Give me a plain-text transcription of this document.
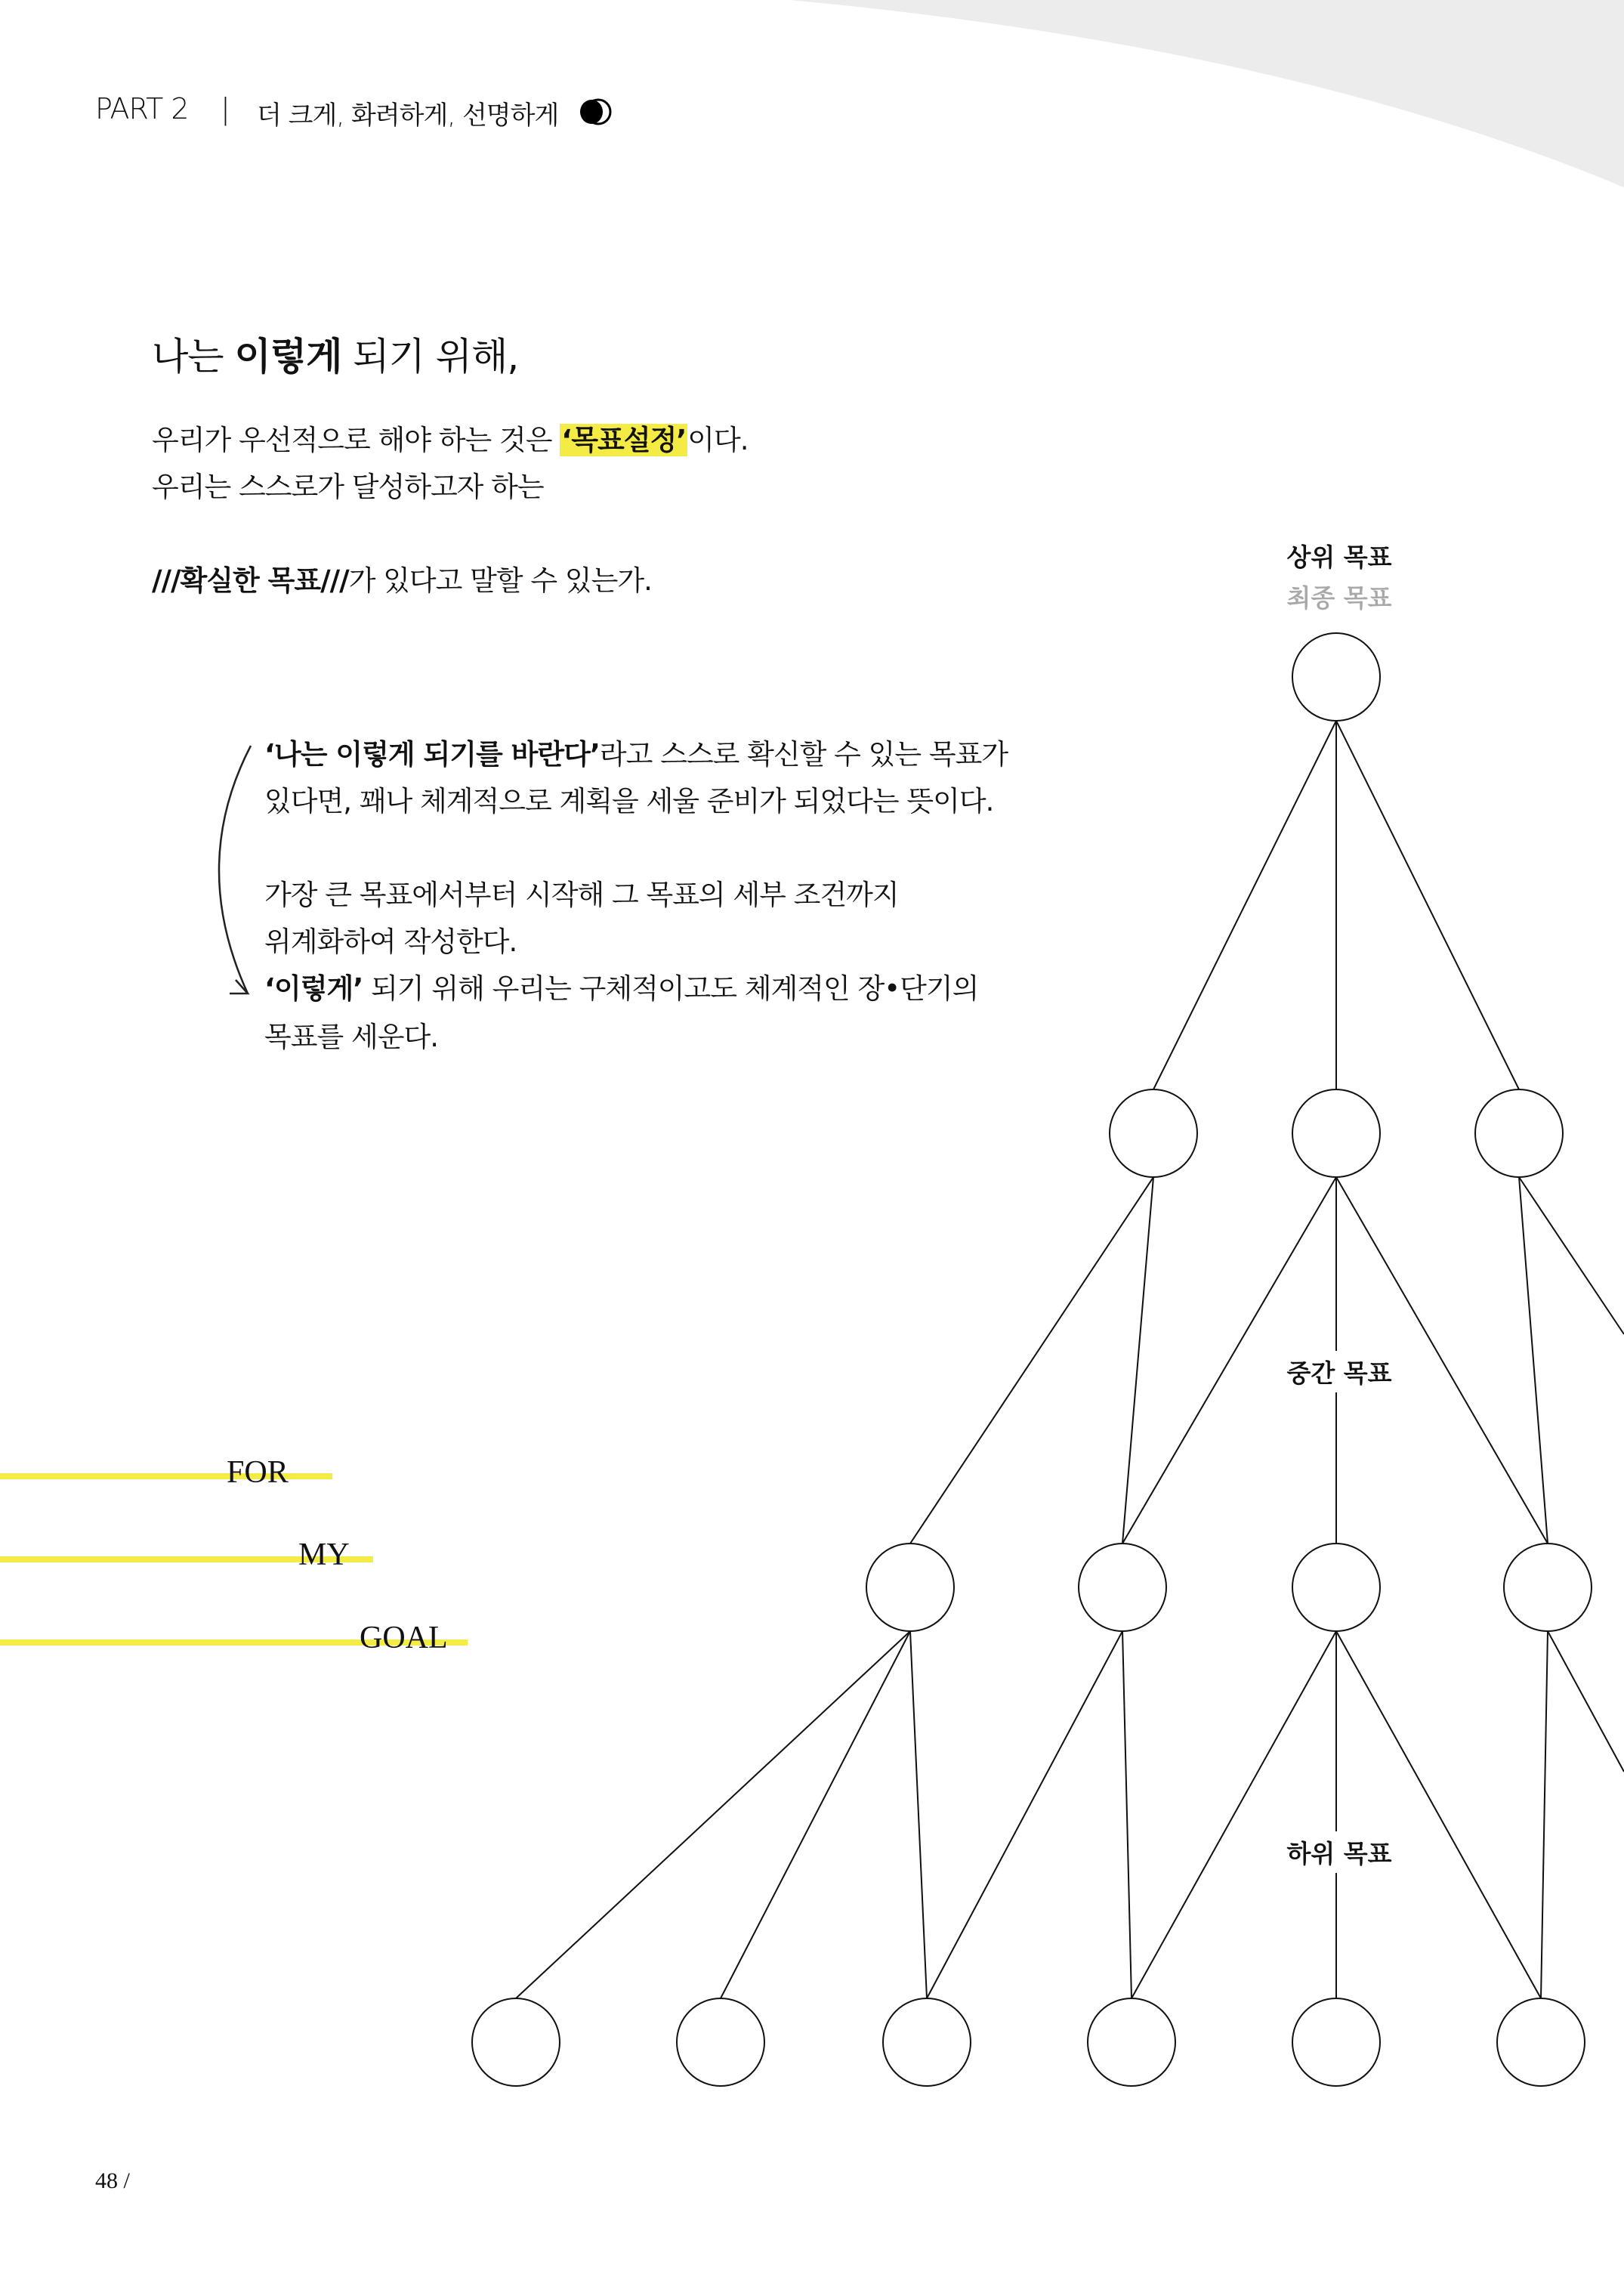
PART 2 | 더 크게, 화려하게, 선명하게
나는 이렇게 되기 위해,
우리가 우선적으로 해야 하는 것은 ‘목표설정’이다.
우리는 스스로가 달성하고자 하는
///확실한 목표///가 있다고 말할 수 있는가.
‘나는 이렇게 되기를 바란다’라고 스스로 확신할 수 있는 목표가
있다면, 꽤나 체계적으로 계획을 세울 준비가 되었다는 뜻이다.
가장 큰 목표에서부터 시작해 그 목표의 세부 조건까지
위계화하여 작성한다.
‘이렇게’ 되기 위해 우리는 구체적이고도 체계적인 장•단기의
목표를 세운다.
상위 목표
최종 목표
중간 목표
하위 목표
FOR
MY
GOAL
48 /
